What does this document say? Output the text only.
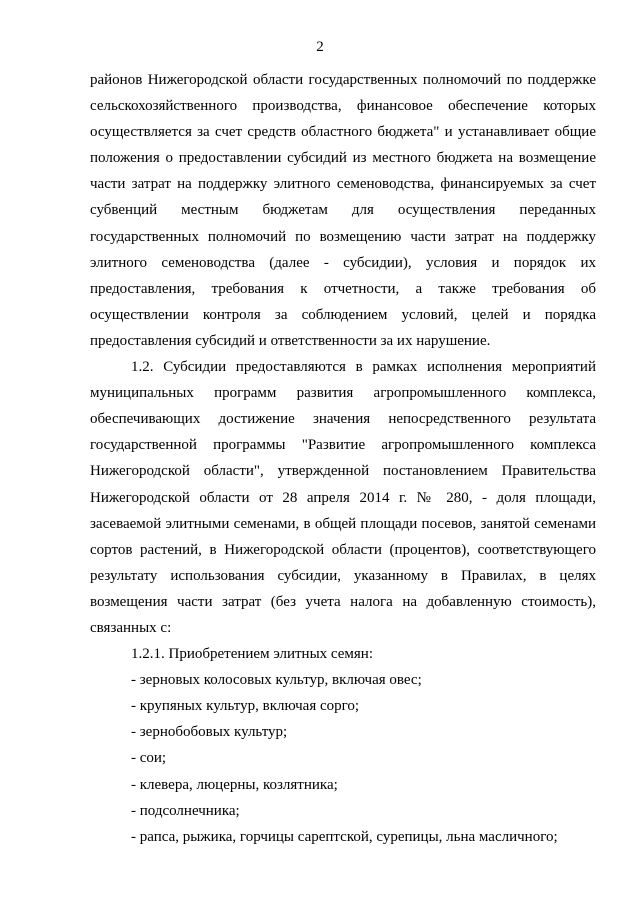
2

районов Нижегородской области государственных полномочий по поддержке сельскохозяйственного производства, финансовое обеспечение которых осуществляется за счет средств областного бюджета" и устанавливает общие положения о предоставлении субсидий из местного бюджета на возмещение части затрат на поддержку элитного семеноводства, финансируемых за счет субвенций местным бюджетам для осуществления переданных государственных полномочий по возмещению части затрат на поддержку элитного семеноводства (далее - субсидии), условия и порядок их предоставления, требования к отчетности, а также требования об осуществлении контроля за соблюдением условий, целей и порядка предоставления субсидий и ответственности за их нарушение.

1.2. Субсидии предоставляются в рамках исполнения мероприятий муниципальных программ развития агропромышленного комплекса, обеспечивающих достижение значения непосредственного результата государственной программы "Развитие агропромышленного комплекса Нижегородской области", утвержденной постановлением Правительства Нижегородской области от 28 апреля 2014 г. № 280, - доля площади, засеваемой элитными семенами, в общей площади посевов, занятой семенами сортов растений, в Нижегородской области (процентов), соответствующего результату использования субсидии, указанному в Правилах, в целях возмещения части затрат (без учета налога на добавленную стоимость), связанных с:

1.2.1. Приобретением элитных семян:

- зерновых колосовых культур, включая овес;

- крупяных культур, включая сорго;

- зернобобовых культур;

- сои;

- клевера, люцерны, козлятника;

- подсолнечника;

- рапса, рыжика, горчицы сарептской, сурепицы, льна масличного;
